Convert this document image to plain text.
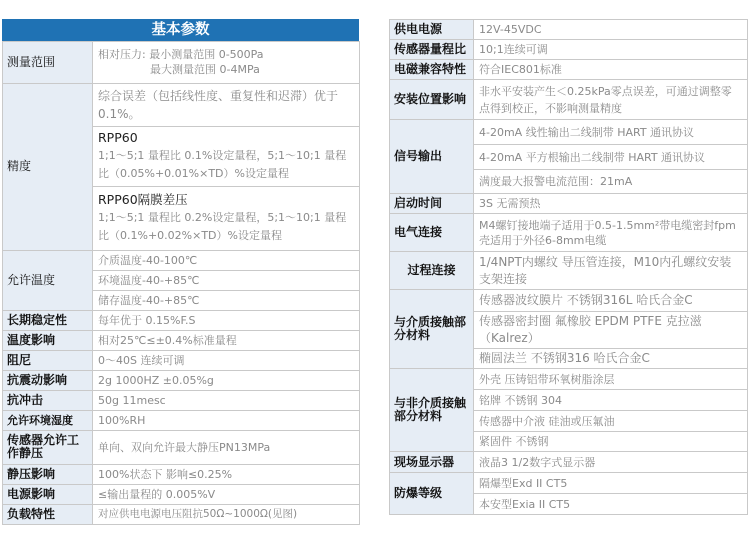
基本参数

测量范围	相对压力: 最小测量范围 0-500Pa
最大测量范围 0-4MPa

精度	综合误差（包括线性度、重复性和迟滞）优于0.1%。

	RPP60
1;1～5;1 量程比 0.1%设定量程，5;1～10;1 量程比（0.05%+0.01%×TD）%设定量程

	RPP60隔膜差压
1;1～5;1 量程比 0.2%设定量程，5;1～10;1 量程比（0.1%+0.02%×TD）%设定量程

允许温度	介质温度-40-100℃
	环境温度-40-+85℃
	储存温度-40-+85℃
长期稳定性	每年优于 0.15%F.S
温度影响	相对25℃≤±0.4%标准量程
阻尼	0～40S 连续可调
抗震动影响	2g 1000HZ ±0.05%g
抗冲击	50g 11mesc
允许环境湿度	100%RH
传感器允许工作静压	单向、双向允许最大静压PN13MPa
静压影响	100%状态下 影响≤0.25%
电源影响	≤输出量程的 0.005%V
负载特性	对应供电电源电压阻抗50Ω~1000Ω(见图)
供电电源	12V-45VDC
传感器量程比	10;1连续可调
电磁兼容特性	符合IEC801标准
安装位置影响	非水平安装产生＜0.25kPa零点误差，可通过调整零点得到校正，不影响测量精度
信号输出	4-20mA 线性输出二线制带 HART 通讯协议
	4-20mA 平方根输出二线制带 HART 通讯协议
	满度最大报警电流范围：21mA
启动时间	3S 无需预热
电气连接	M4螺钉接地端子适用于0.5-1.5mm²带电缆密封fpm壳适用于外径6-8mm电缆
过程连接	1/4NPT内螺纹 导压管连接，M10内孔螺纹安装支架连接
与介质接触部分材料	传感器波纹膜片 不锈钢316L 哈氏合金C
	传感器密封圈 氟橡胶 EPDM PTFE 克拉滋（Kalrez）
	椭圆法兰 不锈钢316 哈氏合金C
与非介质接触部分材料	外壳 压铸铝带环氧树脂涂层
	铭牌 不锈钢 304
	传感器中介液 硅油或压氟油
	紧固件 不锈钢
现场显示器	液晶3 1/2数字式显示器
防爆等级	隔爆型Exd II CT5
	本安型Exia II CT5
